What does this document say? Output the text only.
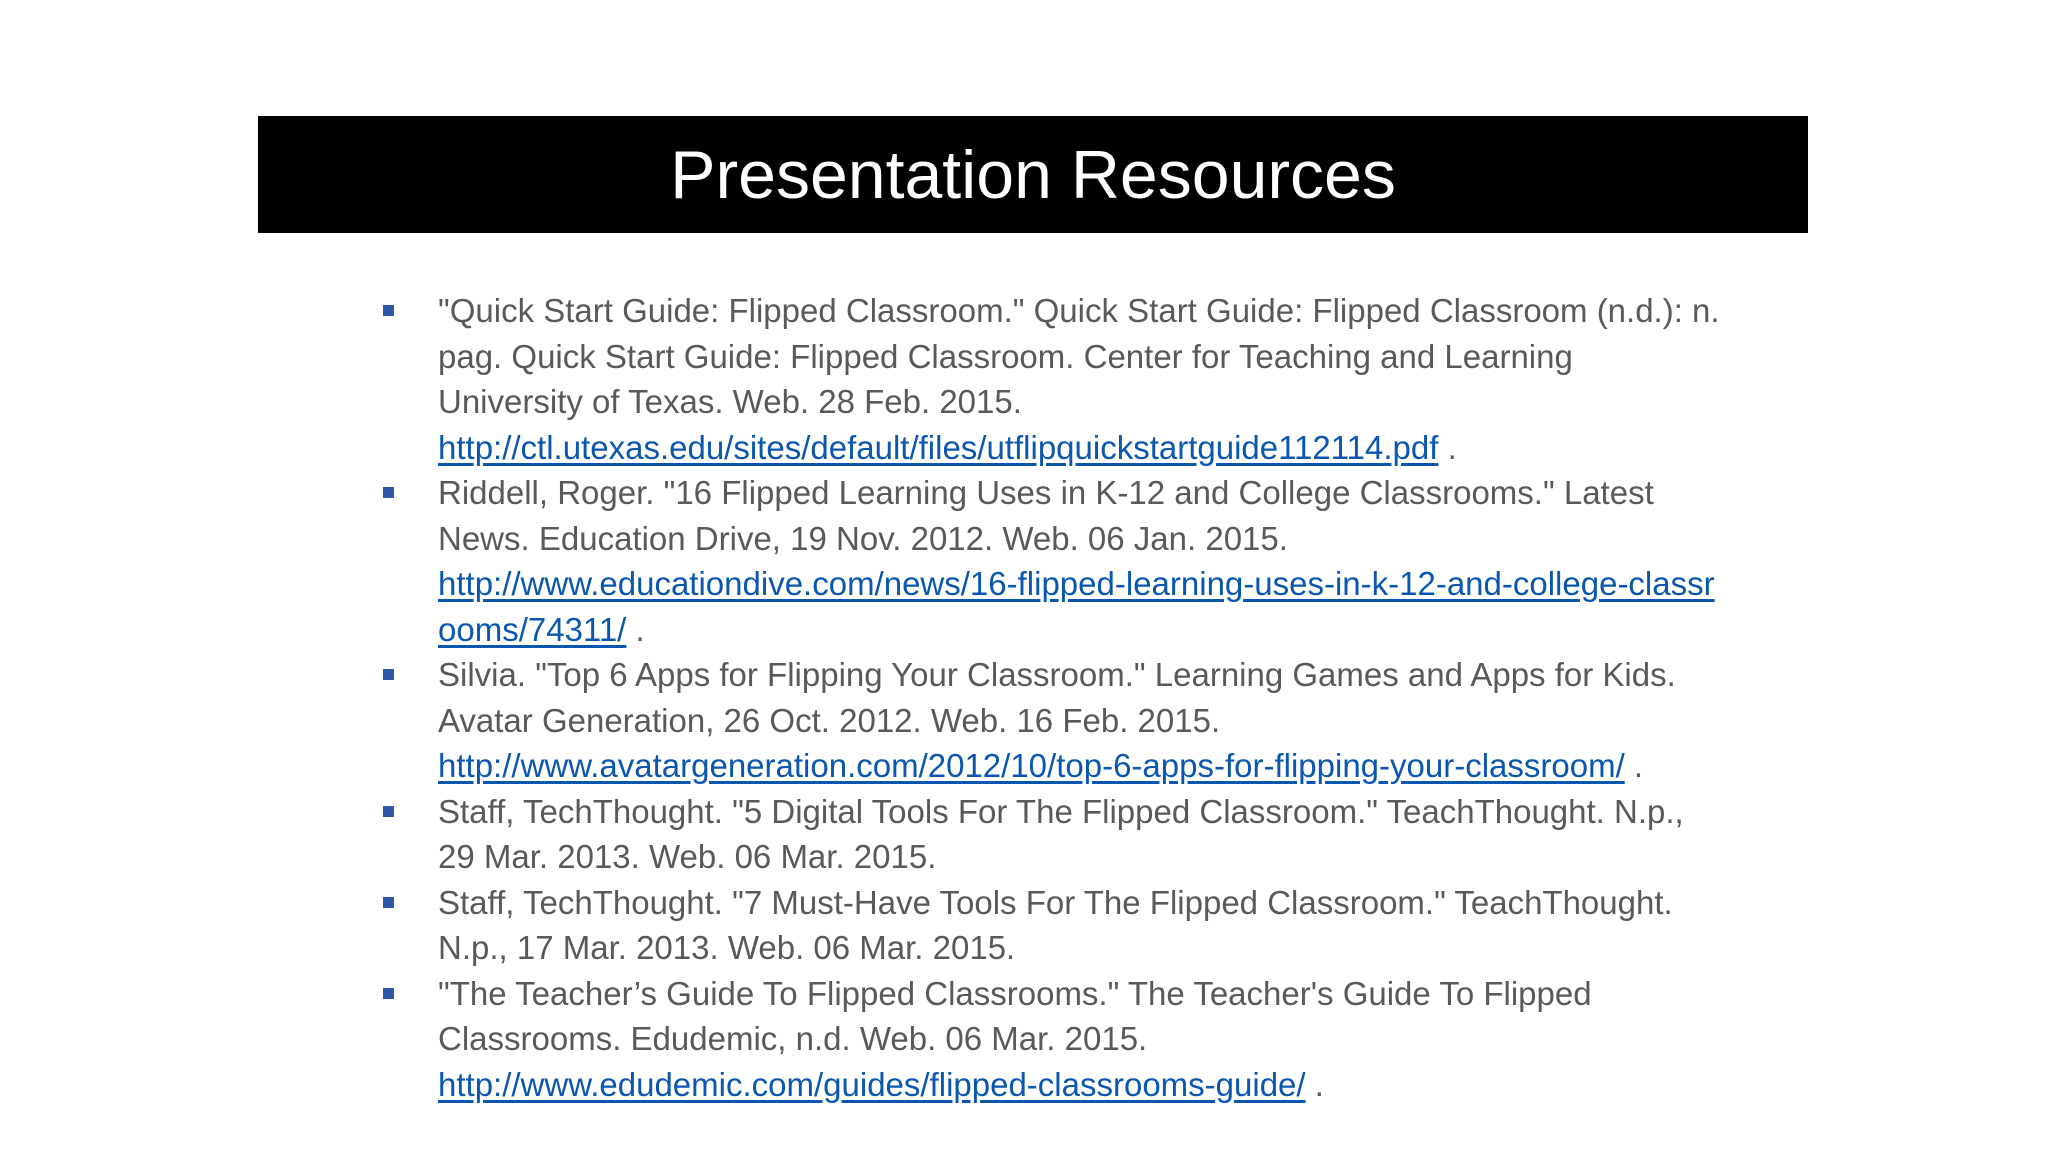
Presentation Resources
"Quick Start Guide: Flipped Classroom." Quick Start Guide: Flipped Classroom (n.d.): n. pag. Quick Start Guide: Flipped Classroom. Center for Teaching and Learning University of Texas. Web. 28 Feb. 2015.
http://ctl.utexas.edu/sites/default/files/utflipquickstartguide112114.pdf .
Riddell, Roger. "16 Flipped Learning Uses in K-12 and College Classrooms." Latest News. Education Drive, 19 Nov. 2012. Web. 06 Jan. 2015.
http://www.educationdive.com/news/16-flipped-learning-uses-in-k-12-and-college-classrooms/74311/ .
Silvia. "Top 6 Apps for Flipping Your Classroom." Learning Games and Apps for Kids. Avatar Generation, 26 Oct. 2012. Web. 16 Feb. 2015.
http://www.avatargeneration.com/2012/10/top-6-apps-for-flipping-your-classroom/ .
Staff, TechThought. "5 Digital Tools For The Flipped Classroom." TeachThought. N.p., 29 Mar. 2013. Web. 06 Mar. 2015.
Staff, TechThought. "7 Must-Have Tools For The Flipped Classroom." TeachThought. N.p., 17 Mar. 2013. Web. 06 Mar. 2015.
"The Teacher’s Guide To Flipped Classrooms." The Teacher's Guide To Flipped Classrooms. Edudemic, n.d. Web. 06 Mar. 2015.
http://www.edudemic.com/guides/flipped-classrooms-guide/ .
